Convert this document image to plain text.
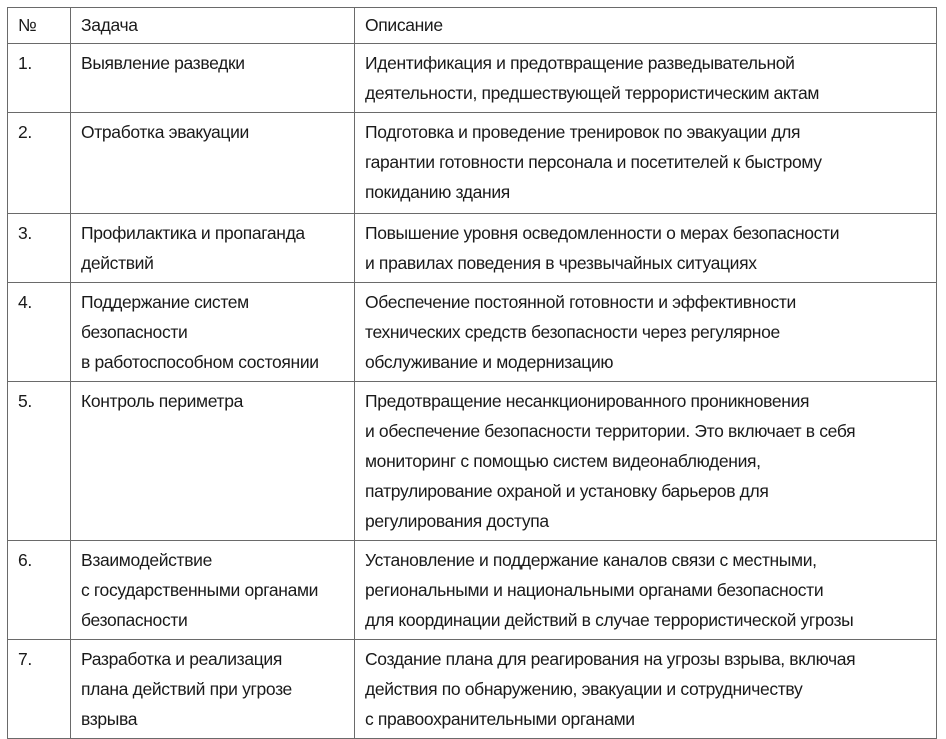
№	Задача	Описание
1.	Выявление разведки	Идентификация и предотвращение разведывательной
деятельности, предшествующей террористическим актам

2.	Отработка эвакуации	Подготовка и проведение тренировок по эвакуации для
гарантии готовности персонала и посетителей к быстрому
покиданию здания

3.	Профилактика и пропаганда
действий	Повышение уровня осведомленности о мерах безопасности
и правилах поведения в чрезвычайных ситуациях

4.	Поддержание систем
безопасности
в работоспособном состоянии	Обеспечение постоянной готовности и эффективности
технических средств безопасности через регулярное
обслуживание и модернизацию

5.	Контроль периметра	Предотвращение несанкционированного проникновения
и обеспечение безопасности территории. Это включает в себя
мониторинг с помощью систем видеонаблюдения,
патрулирование охраной и установку барьеров для
регулирования доступа

6.	Взаимодействие
с государственными органами
безопасности	Установление и поддержание каналов связи с местными,
региональными и национальными органами безопасности
для координации действий в случае террористической угрозы

7.	Разработка и реализация
плана действий при угрозе
взрыва	Создание плана для реагирования на угрозы взрыва, включая
действия по обнаружению, эвакуации и сотрудничеству
с правоохранительными органами
